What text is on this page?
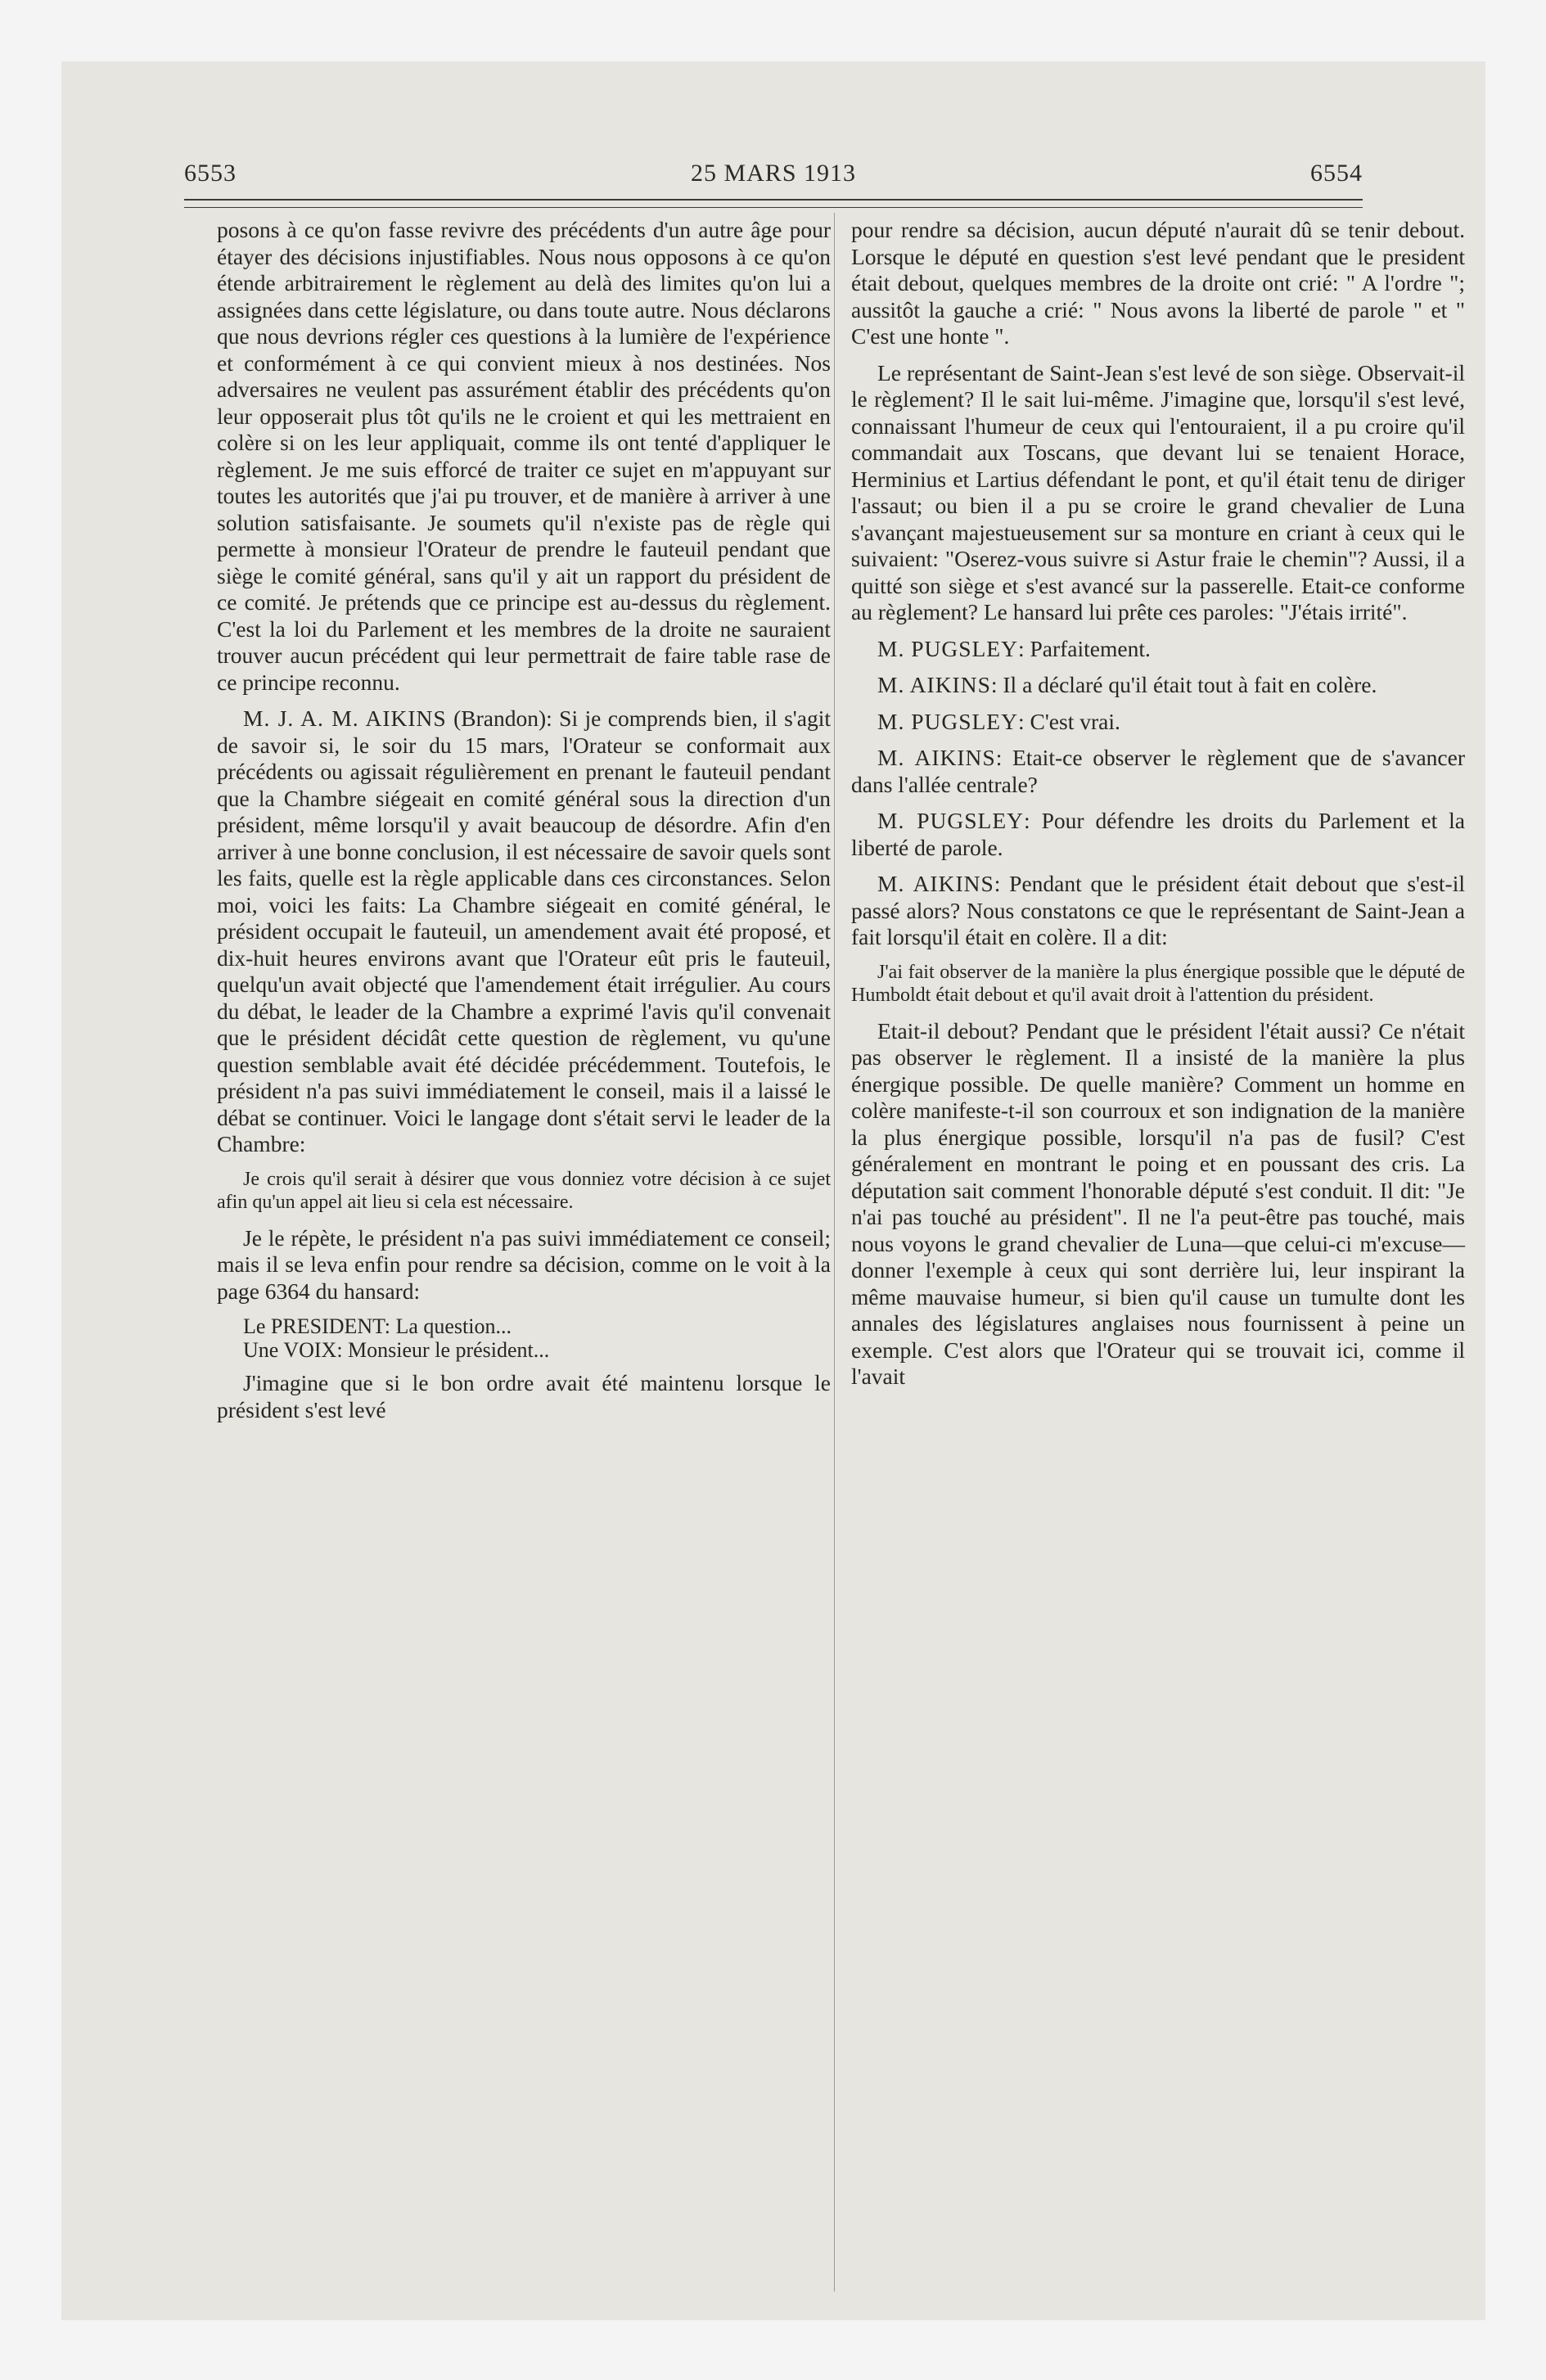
6553	25 MARS 1913	6554

posons à ce qu'on fasse revivre des précédents d'un autre âge pour étayer des décisions injustifiables. Nous nous opposons à ce qu'on étende arbitrairement le règlement au delà des limites qu'on lui a assignées dans cette législature, ou dans toute autre. Nous déclarons que nous devrions régler ces questions à la lumière de l'expérience et conformément à ce qui convient mieux à nos destinées. Nos adversaires ne veulent pas assurément établir des précédents qu'on leur opposerait plus tôt qu'ils ne le croient et qui les mettraient en colère si on les leur appliquait, comme ils ont tenté d'appliquer le règlement. Je me suis efforcé de traiter ce sujet en m'appuyant sur toutes les autorités que j'ai pu trouver, et de manière à arriver à une solution satisfaisante. Je soumets qu'il n'existe pas de règle qui permette à monsieur l'Orateur de prendre le fauteuil pendant que siège le comité général, sans qu'il y ait un rapport du président de ce comité. Je prétends que ce principe est au-dessus du règlement. C'est la loi du Parlement et les membres de la droite ne sauraient trouver aucun précédent qui leur permettrait de faire table rase de ce principe reconnu.

M. J. A. M. AIKINS (Brandon): Si je comprends bien, il s'agit de savoir si, le soir du 15 mars, l'Orateur se conformait aux précédents ou agissait régulièrement en prenant le fauteuil pendant que la Chambre siégeait en comité général sous la direction d'un président, même lorsqu'il y avait beaucoup de désordre. Afin d'en arriver à une bonne conclusion, il est nécessaire de savoir quels sont les faits, quelle est la règle applicable dans ces circonstances. Selon moi, voici les faits: La Chambre siégeait en comité général, le président occupait le fauteuil, un amendement avait été proposé, et dix-huit heures environs avant que l'Orateur eût pris le fauteuil, quelqu'un avait objecté que l'amendement était irrégulier. Au cours du débat, le leader de la Chambre a exprimé l'avis qu'il convenait que le président décidât cette question de règlement, vu qu'une question semblable avait été décidée précédemment. Toutefois, le président n'a pas suivi immédiatement le conseil, mais il a laissé le débat se continuer. Voici le langage dont s'était servi le leader de la Chambre:

Je crois qu'il serait à désirer que vous donniez votre décision à ce sujet afin qu'un appel ait lieu si cela est nécessaire.

Je le répète, le président n'a pas suivi immédiatement ce conseil; mais il se leva enfin pour rendre sa décision, comme on le voit à la page 6364 du hansard:

Le PRESIDENT: La question...
Une VOIX: Monsieur le président...

J'imagine que si le bon ordre avait été maintenu lorsque le président s'est levé

pour rendre sa décision, aucun député n'aurait dû se tenir debout. Lorsque le député en question s'est levé pendant que le president était debout, quelques membres de la droite ont crié: " A l'ordre "; aussitôt la gauche a crié: " Nous avons la liberté de parole " et " C'est une honte ".

Le représentant de Saint-Jean s'est levé de son siège. Observait-il le règlement? Il le sait lui-même. J'imagine que, lorsqu'il s'est levé, connaissant l'humeur de ceux qui l'entouraient, il a pu croire qu'il commandait aux Toscans, que devant lui se tenaient Horace, Herminius et Lartius défendant le pont, et qu'il était tenu de diriger l'assaut; ou bien il a pu se croire le grand chevalier de Luna s'avançant majestueusement sur sa monture en criant à ceux qui le suivaient: "Oserez-vous suivre si Astur fraie le chemin"? Aussi, il a quitté son siège et s'est avancé sur la passerelle. Etait-ce conforme au règlement? Le hansard lui prête ces paroles: "J'étais irrité".

M. PUGSLEY: Parfaitement.

M. AIKINS: Il a déclaré qu'il était tout à fait en colère.

M. PUGSLEY: C'est vrai.

M. AIKINS: Etait-ce observer le règlement que de s'avancer dans l'allée centrale?

M. PUGSLEY: Pour défendre les droits du Parlement et la liberté de parole.

M. AIKINS: Pendant que le président était debout que s'est-il passé alors? Nous constatons ce que le représentant de Saint-Jean a fait lorsqu'il était en colère. Il a dit:

J'ai fait observer de la manière la plus énergique possible que le député de Humboldt était debout et qu'il avait droit à l'attention du président.

Etait-il debout? Pendant que le président l'était aussi? Ce n'était pas observer le règlement. Il a insisté de la manière la plus énergique possible. De quelle manière? Comment un homme en colère manifeste-t-il son courroux et son indignation de la manière la plus énergique possible, lorsqu'il n'a pas de fusil? C'est généralement en montrant le poing et en poussant des cris. La députation sait comment l'honorable député s'est conduit. Il dit: "Je n'ai pas touché au président". Il ne l'a peut-être pas touché, mais nous voyons le grand chevalier de Luna—que celui-ci m'excuse—donner l'exemple à ceux qui sont derrière lui, leur inspirant la même mauvaise humeur, si bien qu'il cause un tumulte dont les annales des législatures anglaises nous fournissent à peine un exemple. C'est alors que l'Orateur qui se trouvait ici, comme il l'avait
